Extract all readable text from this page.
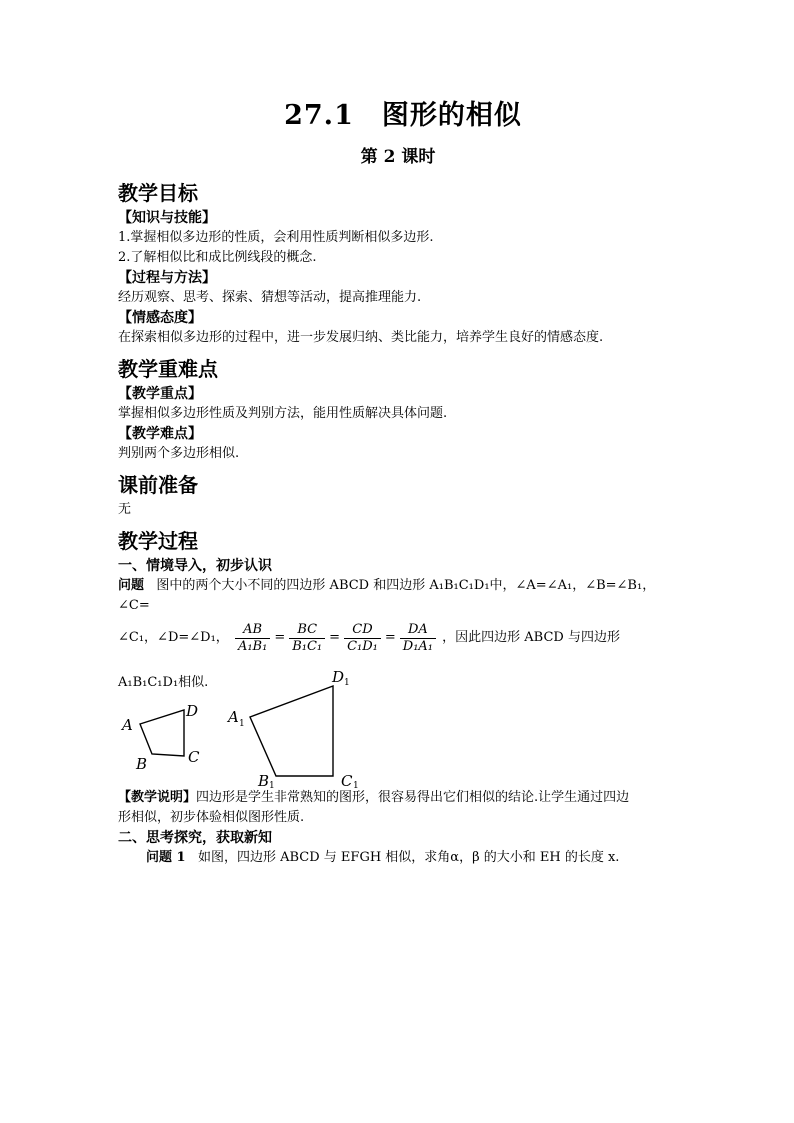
27.1　图形的相似
第 2 课时
教学目标
【知识与技能】
1.掌握相似多边形的性质，会利用性质判断相似多边形.
2.了解相似比和成比例线段的概念.
【过程与方法】
经历观察、思考、探索、猜想等活动，提高推理能力.
【情感态度】
在探索相似多边形的过程中，进一步发展归纳、类比能力，培养学生良好的情感态度.
教学重难点
【教学重点】
掌握相似多边形性质及判别方法，能用性质解决具体问题.
【教学难点】
判别两个多边形相似.
课前准备
无
教学过程
一、情境导入，初步认识
问题 图中的两个大小不同的四边形 ABCD 和四边形 A₁B₁C₁D₁中，∠A=∠A₁，∠B=∠B₁，∠C=
∠C₁，∠D=∠D₁， $\frac{AB}{\text{A₁B₁}} = \frac{BC}{\text{B₁C₁}} = \frac{CD}{\text{C₁D₁}} = \frac{DA}{\text{D₁A₁}}$ ，因此四边形 ABCD 与四边形 A₁B₁C₁D₁相似.
A
B	C
D A 1
B 1	C 1
D 1
【教学说明】四边形是学生非常熟知的图形，很容易得出它们相似的结论.让学生通过四边
形相似，初步体验相似图形性质.
二、思考探究，获取新知
问题 1 如图，四边形 ABCD 与 EFGH 相似，求角α，β 的大小和 EH 的长度 x.
